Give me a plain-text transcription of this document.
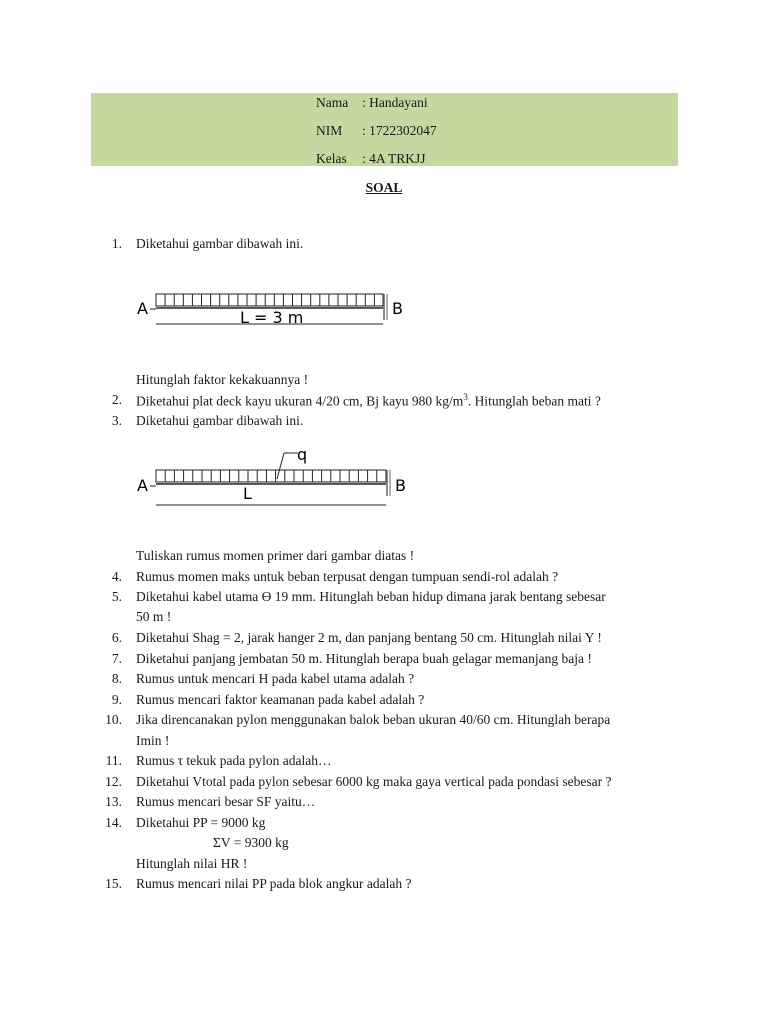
Nama : Handayani
NIM : 1722302047
Kelas : 4A TRKJJ
SOAL
1. Diketahui gambar dibawah ini.
A	L = 3 m	B
Hitunglah faktor kekakuannya !
2. Diketahui plat deck kayu ukuran 4/20 cm, Bj kayu 980 $kg/m^3$. Hitunglah beban mati ?
3. Diketahui gambar dibawah ini.
q
A	L	B
Tuliskan rumus momen primer dari gambar diatas !
4. Rumus momen maks untuk beban terpusat dengan tumpuan sendi-rol adalah ?
5. Diketahui kabel utama Ө 19 mm. Hitunglah beban hidup dimana jarak bentang sebesar
50 m !
6. Diketahui Shag = 2, jarak hanger 2 m, dan panjang bentang 50 cm. Hitunglah nilai Y !
7. Diketahui panjang jembatan 50 m. Hitunglah berapa buah gelagar memanjang baja !
8. Rumus untuk mencari H pada kabel utama adalah ?
9. Rumus mencari faktor keamanan pada kabel adalah ?
10. Jika direncanakan pylon menggunakan balok beban ukuran 40/60 cm. Hitunglah berapa
Imin !
11. Rumus τ tekuk pada pylon adalah…
12. Diketahui Vtotal pada pylon sebesar 6000 kg maka gaya vertical pada pondasi sebesar ?
13. Rumus mencari besar SF yaitu…
14. Diketahui PP = 9000 kg
ΣV = 9300 kg
Hitunglah nilai HR !
15. Rumus mencari nilai PP pada blok angkur adalah ?
